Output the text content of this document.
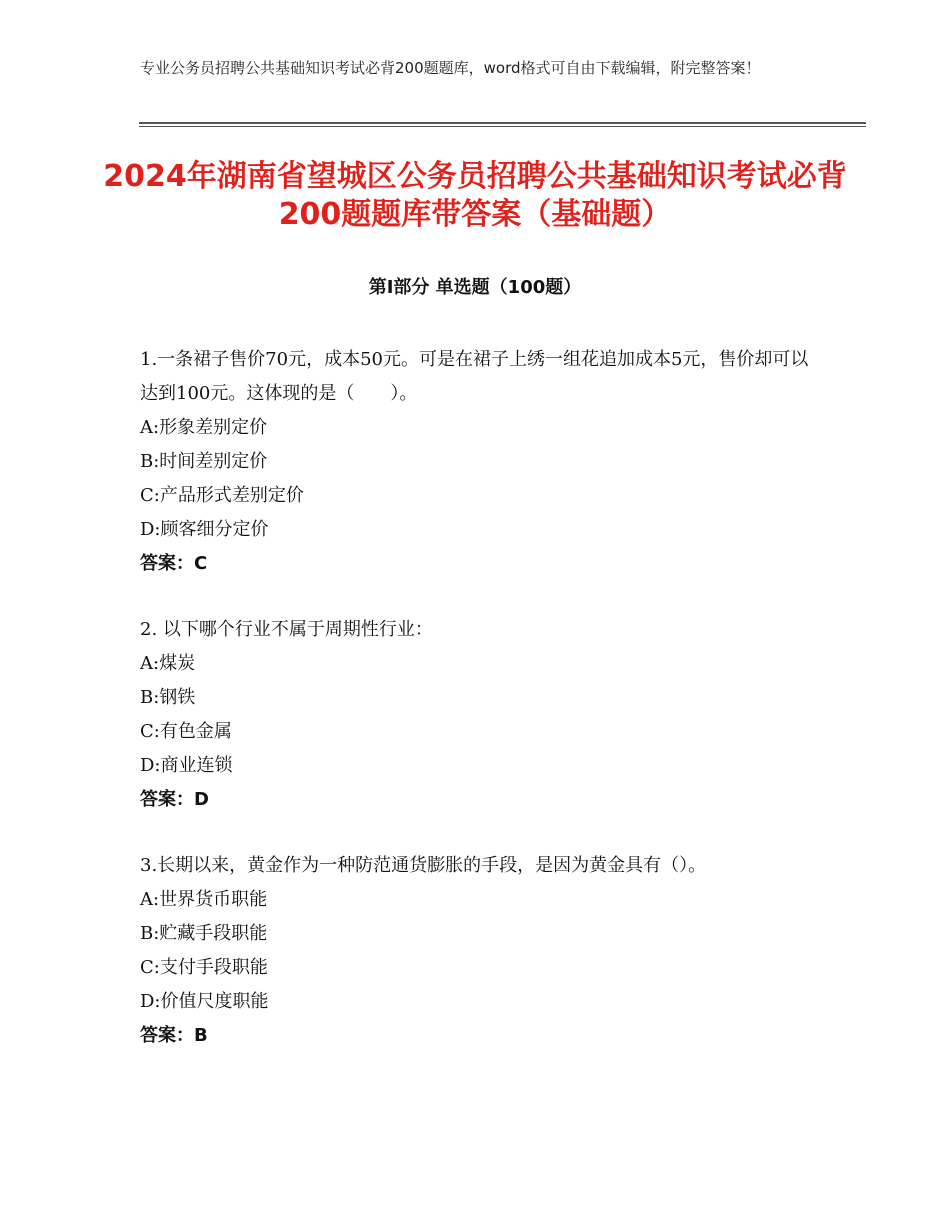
专业公务员招聘公共基础知识考试必背200题题库，word格式可自由下载编辑，附完整答案！
2024年湖南省望城区公务员招聘公共基础知识考试必背200题题库带答案（基础题）
第Ⅰ部分 单选题（100题）
1.一条裙子售价70元，成本50元。可是在裙子上绣一组花追加成本5元，售价却可以达到100元。这体现的是（　　）。
A:形象差别定价
B:时间差别定价
C:产品形式差别定价
D:顾客细分定价
答案：C
2. 以下哪个行业不属于周期性行业：
A:煤炭
B:钢铁
C:有色金属
D:商业连锁
答案：D
3.长期以来，黄金作为一种防范通货膨胀的手段，是因为黄金具有（）。
A:世界货币职能
B:贮藏手段职能
C:支付手段职能
D:价值尺度职能
答案：B
